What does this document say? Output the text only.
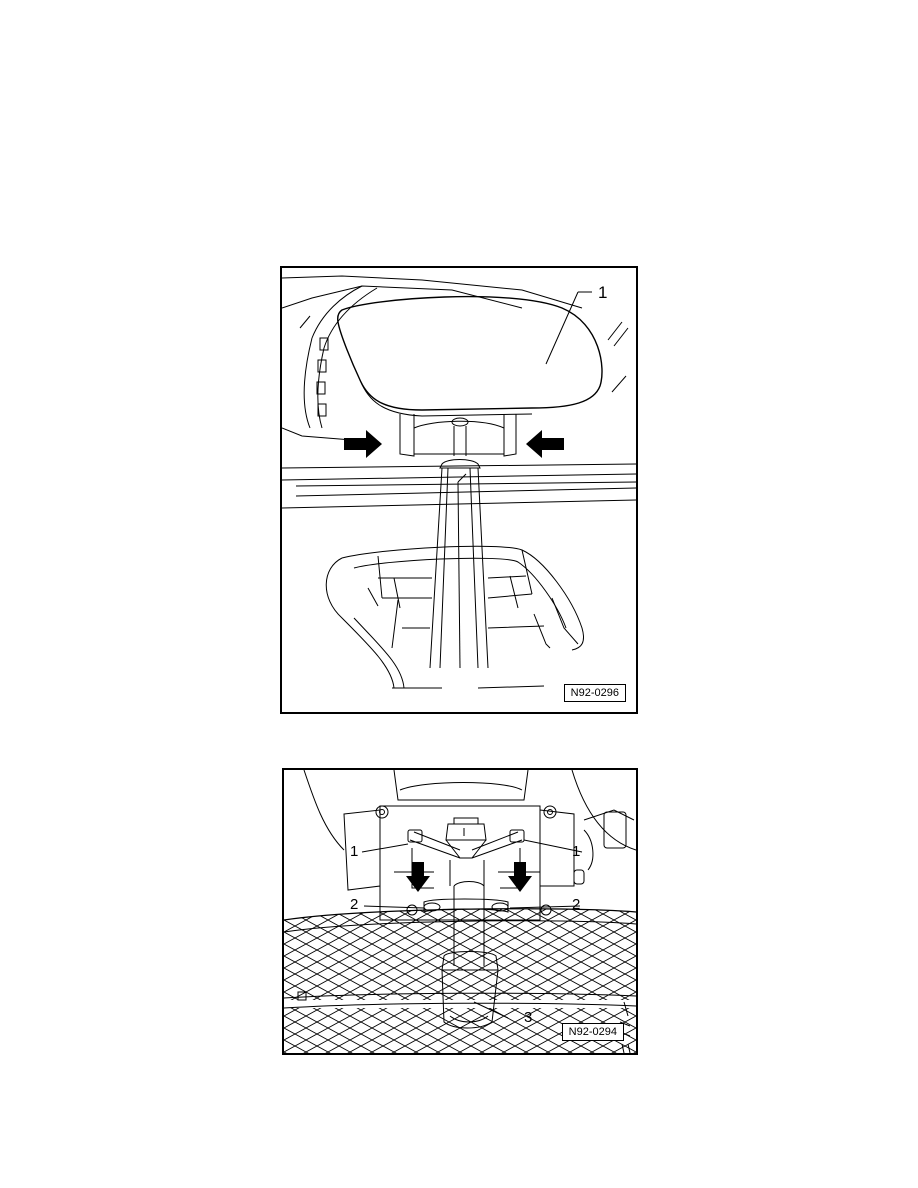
1
N92-0296
1	1
2	2
3
N92-0294
